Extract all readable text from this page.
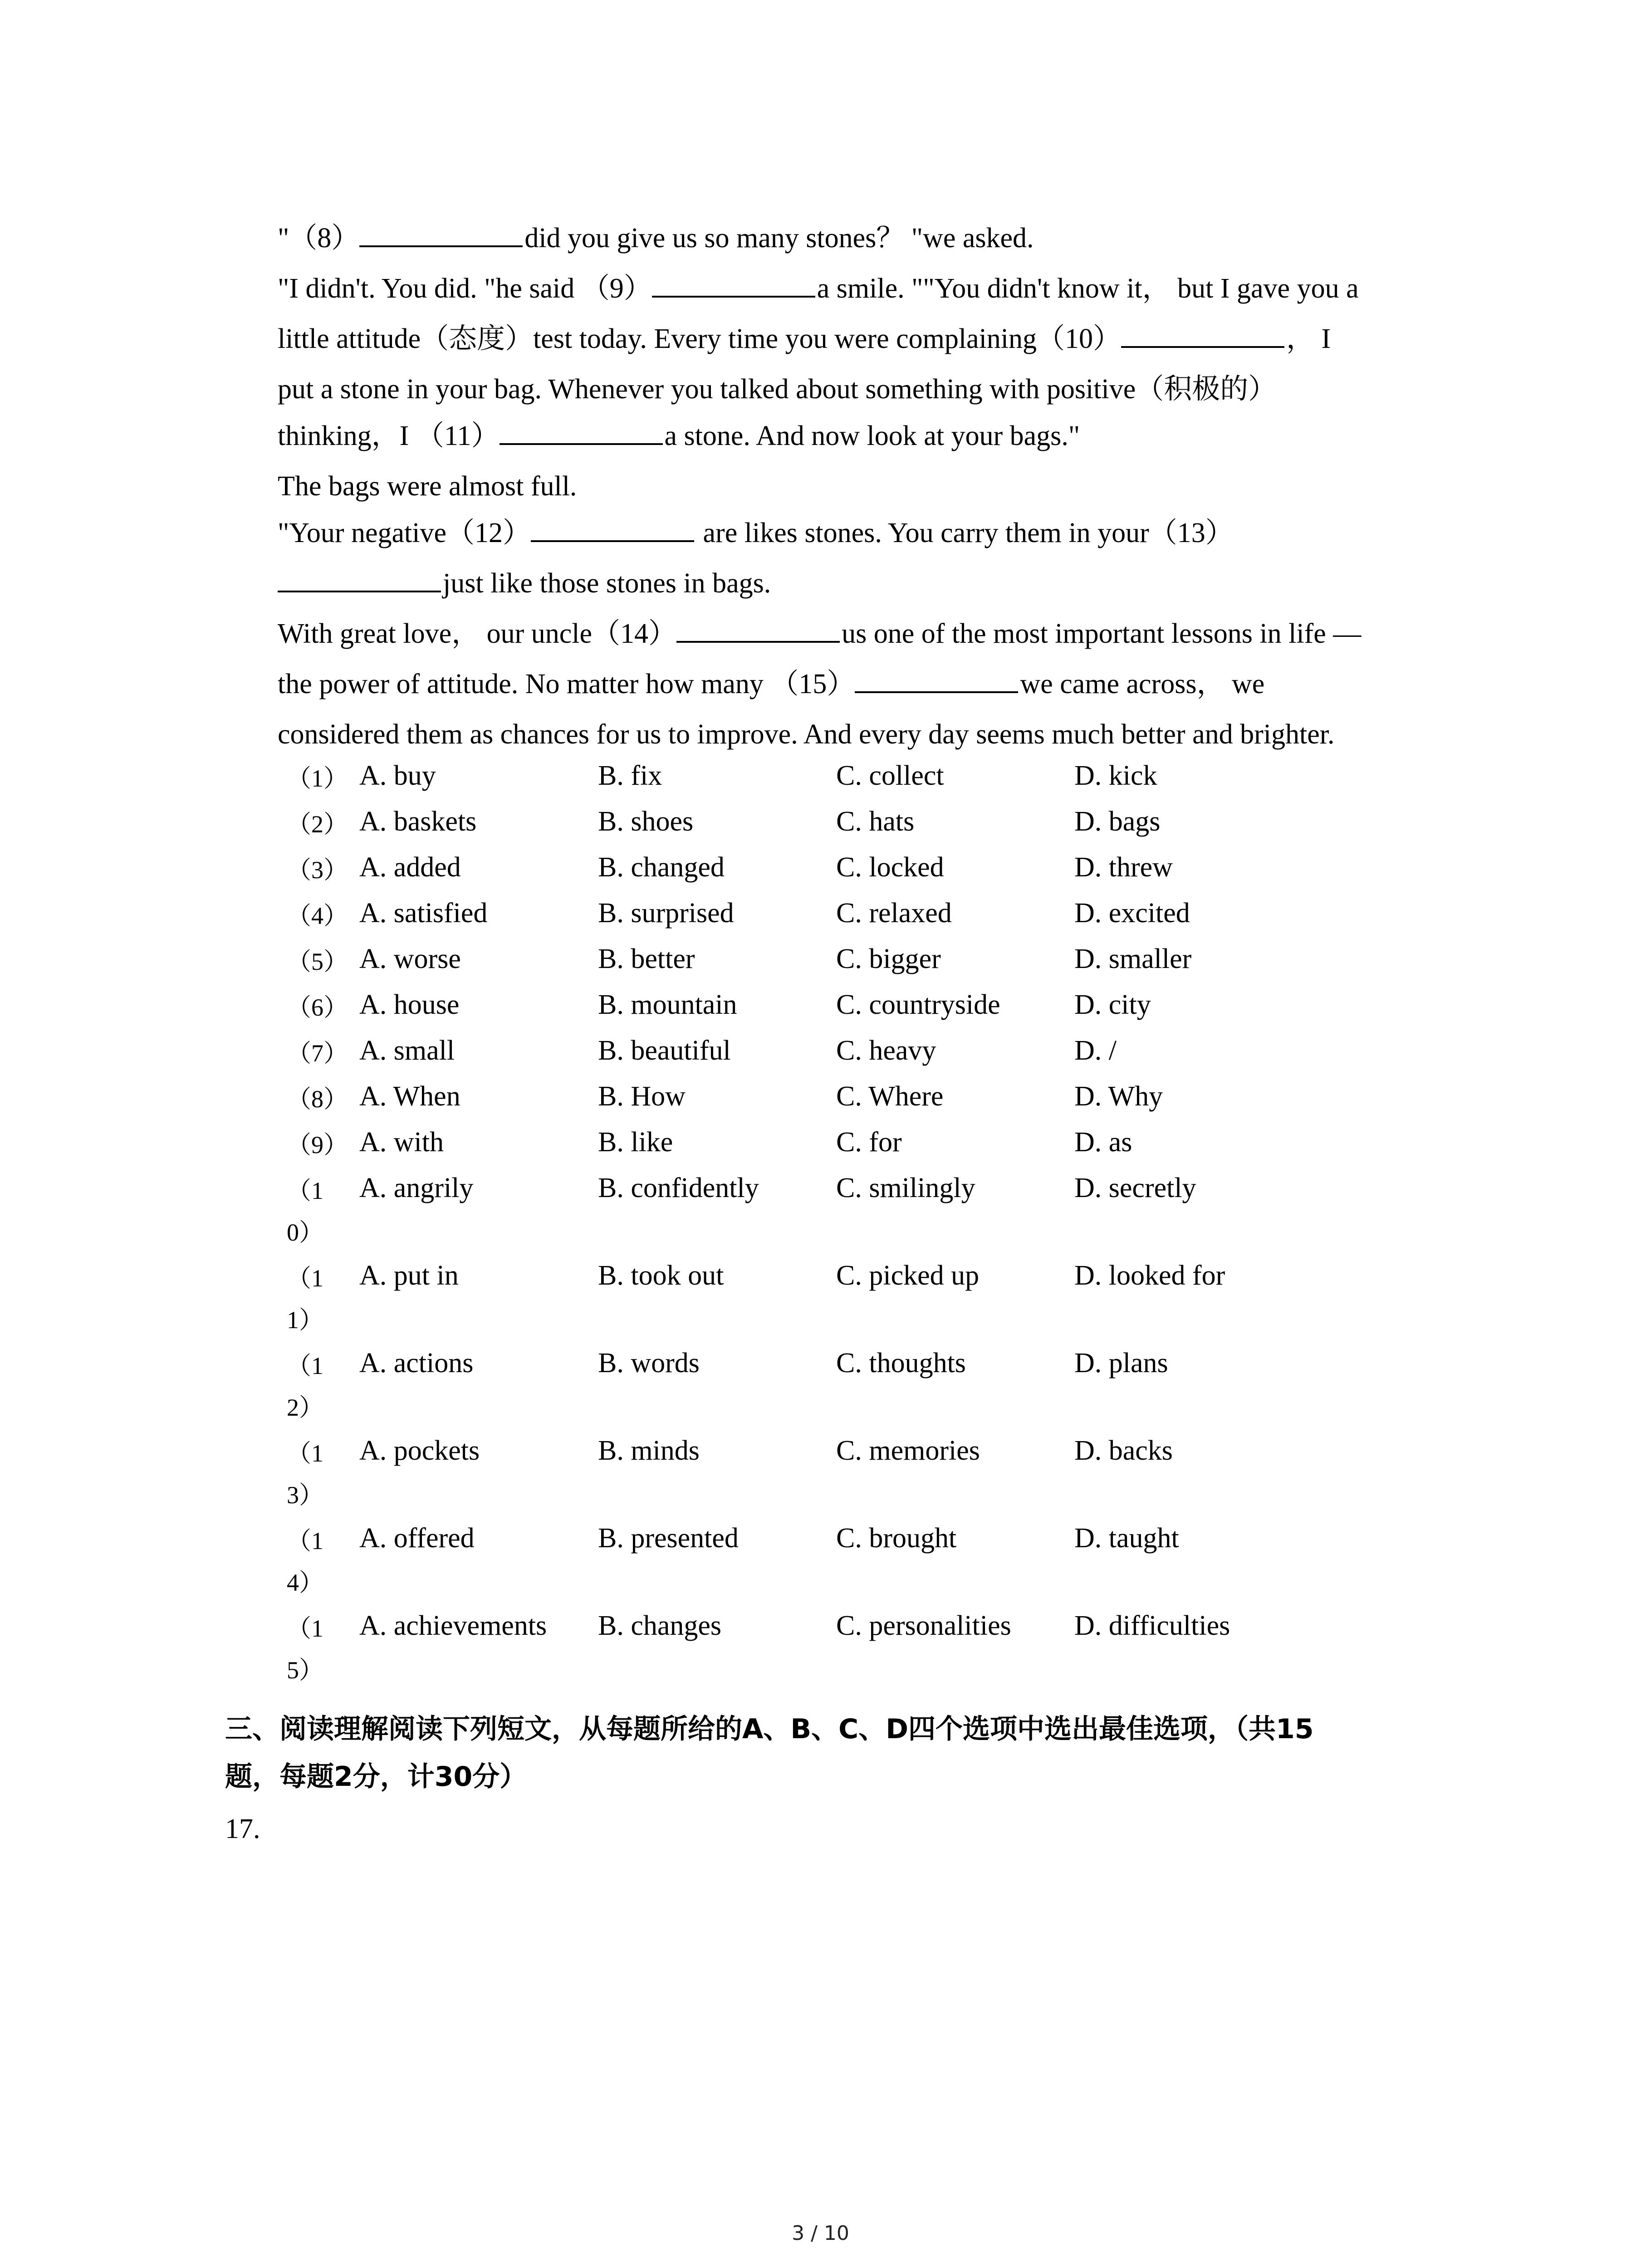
"（8）	did you give us so many stones？ "we asked.
"I didn't. You did. "he said （9）	a smile. ""You didn't know it， but I gave you a
little attitude（态度）test today. Every time you were complaining（10）	， I
put a stone in your bag. Whenever you talked about something with positive（积极的）
thinking，I （11）	a stone. And now look at your bags."
The bags were almost full.
"Your negative（12）	are likes stones. You carry them in your（13）
just like those stones in bags.
With great love， our uncle（14）	us one of the most important lessons in life —
the power of attitude. No matter how many （15）	we came across， we
considered them as chances for us to improve. And every day seems much better and brighter.
（1） A. buy	B. fix	C. collect	D. kick
（2） A. baskets	B. shoes	C. hats	D. bags
（3） A. added	B. changed	C. locked	D. threw
（4） A. satisfied	B. surprised	C. relaxed	D. excited
（5） A. worse	B. better	C. bigger	D. smaller
（6） A. house	B. mountain	C. countryside	D. city
（7） A. small	B. beautiful	C. heavy	D. /
（8） A. When	B. How	C. Where	D. Why
（9） A. with	B. like	C. for	D. as
（1
0）
A. angrily	B. confidently	C. smilingly	D. secretly
（1
1）
A. put in	B. took out	C. picked up	D. looked for
（1
2）
A. actions	B. words	C. thoughts	D. plans
（1
3）
A. pockets	B. minds	C. memories	D. backs
（1
4）
A. offered	B. presented	C. brought	D. taught
（1
5）
A. achievements B. changes	C. personalities D. difficulties
三、阅读理解阅读下列短文，从每题所给的A、B、C、D四个选项中选出最佳选项，（共15
题，每题2分，计30分）
17.
3 / 10
